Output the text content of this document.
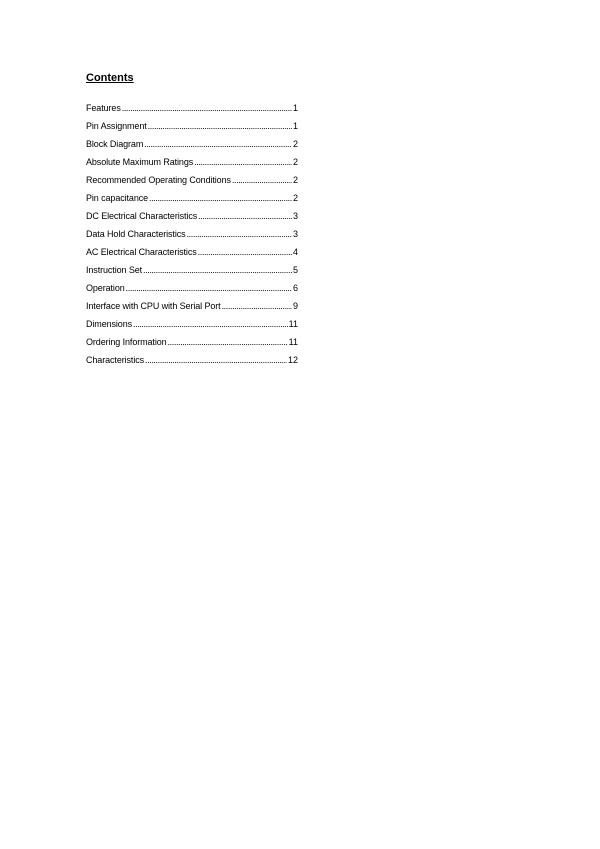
Contents
Features .....	1
Pin Assignment .....	1
Block Diagram .....	2
Absolute Maximum Ratings .....	2
Recommended Operating Conditions .....	2
Pin capacitance .....	2
DC Electrical Characteristics .....	3
Data Hold Characteristics .....	3
AC Electrical Characteristics .....	4
Instruction Set .....	5
Operation .....	6
Interface with CPU with Serial Port .....	9
Dimensions .....	11
Ordering Information .....	11
Characteristics .....	12
